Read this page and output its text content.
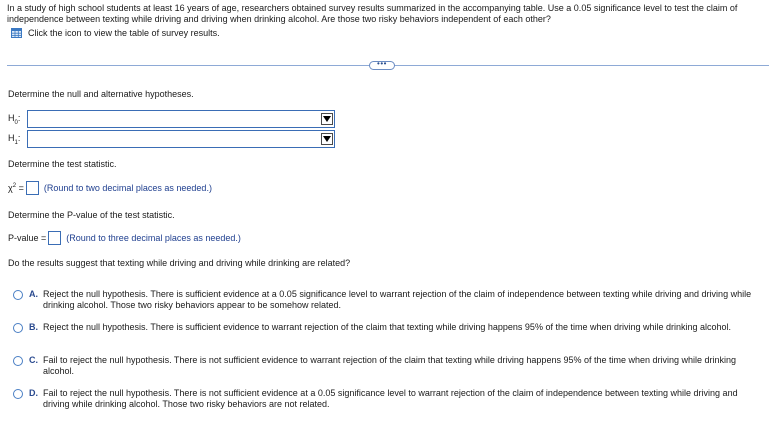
In a study of high school students at least 16 years of age, researchers obtained survey results summarized in the accompanying table. Use a 0.05 significance level to test the claim of independence between texting while driving and driving when drinking alcohol. Are those two risky behaviors independent of each other?
Click the icon to view the table of survey results.
•••
Determine the null and alternative hypotheses.
$H_0$:
$H_1$:
Determine the test statistic.
$\chi^2$ = (Round to two decimal places as needed.)
Determine the P-value of the test statistic.
P-value = (Round to three decimal places as needed.)
Do the results suggest that texting while driving and driving while drinking are related?
A. Reject the null hypothesis. There is sufficient evidence at a 0.05 significance level to warrant rejection of the claim of independence between texting while driving and driving while drinking alcohol. Those two risky behaviors appear to be somehow related.
B. Reject the null hypothesis. There is sufficient evidence to warrant rejection of the claim that texting while driving happens 95% of the time when driving while drinking alcohol.
C. Fail to reject the null hypothesis. There is not sufficient evidence to warrant rejection of the claim that texting while driving happens 95% of the time when driving while drinking alcohol.
D. Fail to reject the null hypothesis. There is not sufficient evidence at a 0.05 significance level to warrant rejection of the claim of independence between texting while driving and driving while drinking alcohol. Those two risky behaviors are not related.
